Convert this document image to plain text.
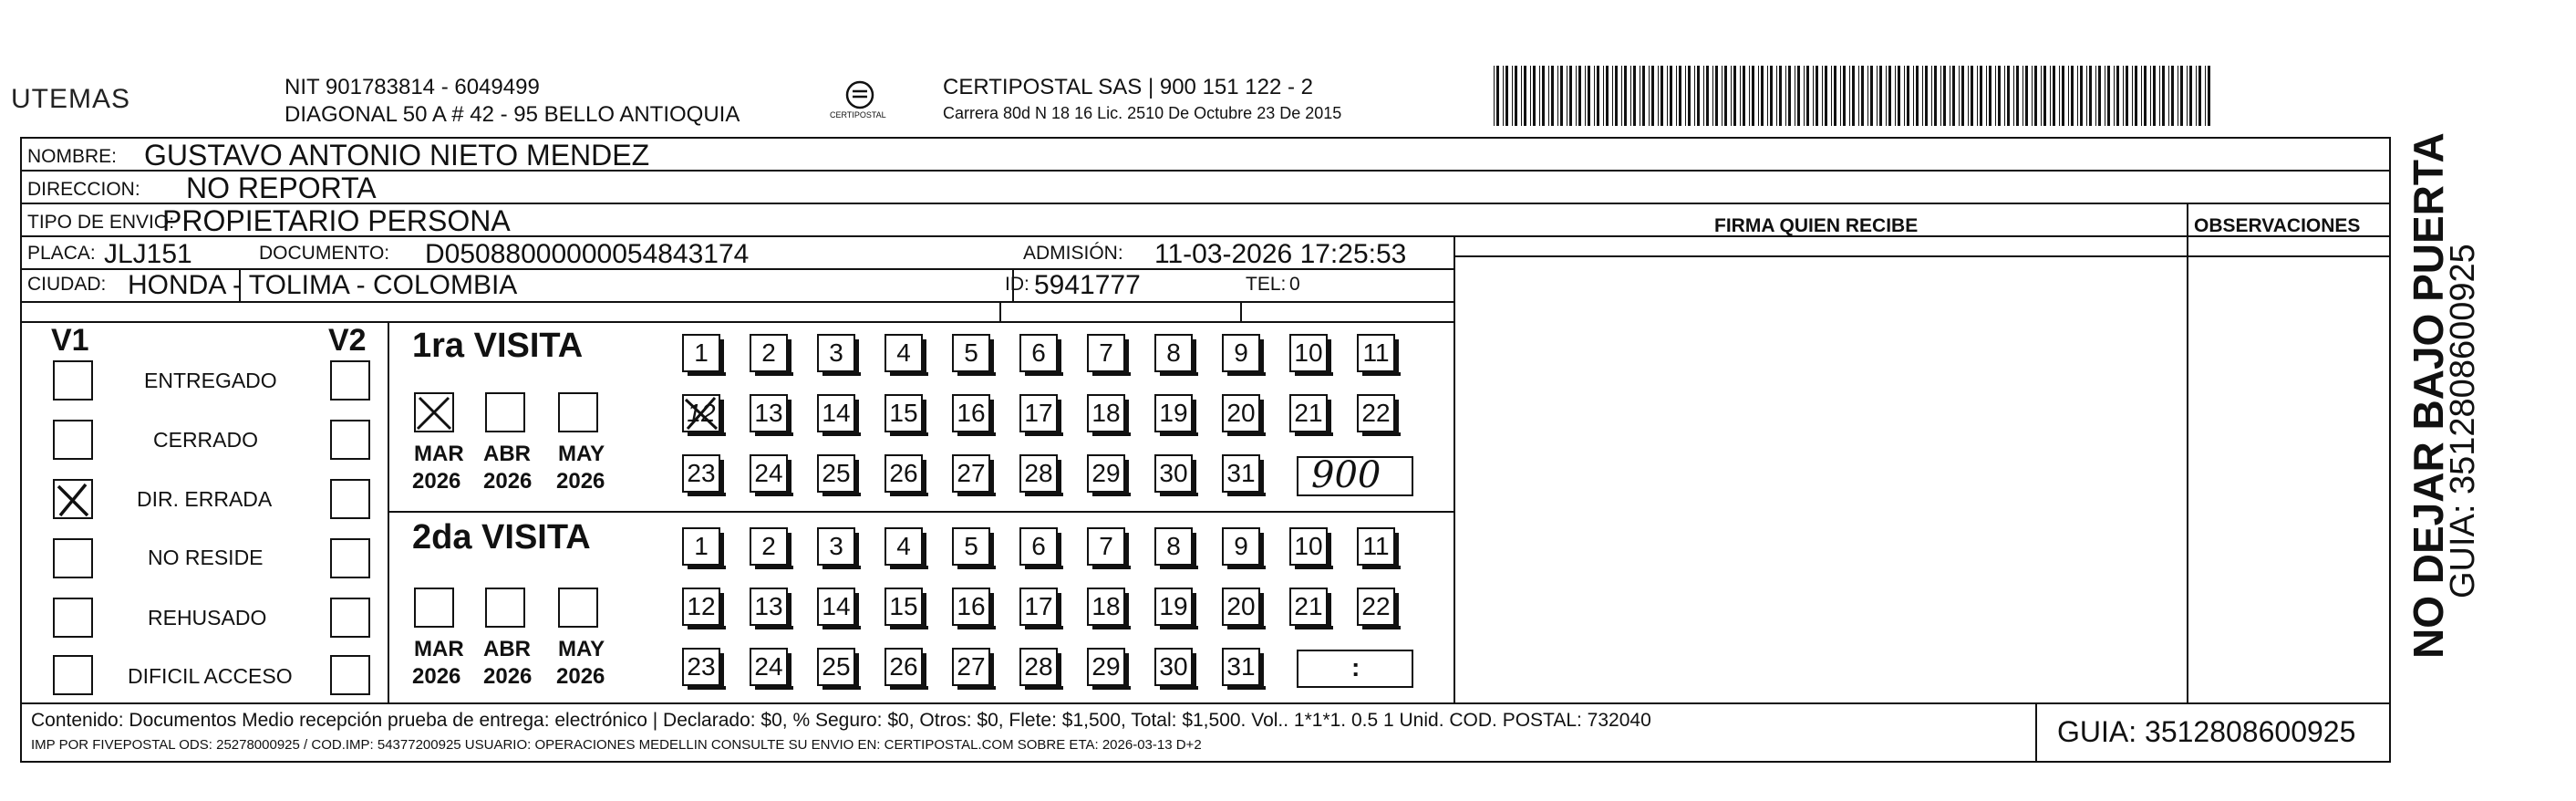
UTEMAS	NIT 901783814 - 6049499
DIAGONAL 50 A # 42 - 95 BELLO ANTIOQUIA	CERTIPOSTAL
CERTIPOSTAL SAS | 900 151 122 - 2
Carrera 80d N 18 16 Lic. 2510 De Octubre 23 De 2015
FIRMA QUIEN RECIBE	OBSERVACIONES
NOMBRE: GUSTAVO ANTONIO NIETO MENDEZ
DIRECCION: NO REPORTA
TIPO DE ENVIO:
PROPIETARIO PERSONA
PLACA: JLJ151	DOCUMENTO: D05088000000054843174	ADMISIÓN: 11-03-2026 17:25:53
CIUDAD: HONDA - TOLIMA - COLOMBIA	ID: 5941777	TEL: 0
V1	V2
ENTREGADO
CERRADO
DIR. ERRADA
NO RESIDE
REHUSADO
DIFICIL ACCESO
1ra VISITA
MAR ABR MAY
2026 2026 2026
1	2	3	4	5	6	7	8	9	10 11
12 13 14 15 16 17 18 19 20 21 22
23 24 25 26 27 28 29 30 31 900
2da VISITA
MAR ABR MAY
2026 2026 2026
1	2	3	4	5	6	7	8	9	10 11
12 13 14 15 16 17 18 19 20 21 22
23 24 25 26 27 28 29 30 31	:
NO DEJAR BAJO PUERTA
GUIA: 3512808600925
Contenido: Documentos Medio recepción prueba de entrega: electrónico | Declarado: $0, % Seguro: $0, Otros: $0, Flete: $1,500, Total: $1,500. Vol.. 1*1*1. 0.5 1 Unid. COD. POSTAL: 732040
IMP POR FIVEPOSTAL ODS: 25278000925 / COD.IMP: 54377200925 USUARIO: OPERACIONES MEDELLIN CONSULTE SU ENVIO EN: CERTIPOSTAL.COM SOBRE ETA: 2026-03-13 D+2	GUIA: 3512808600925
